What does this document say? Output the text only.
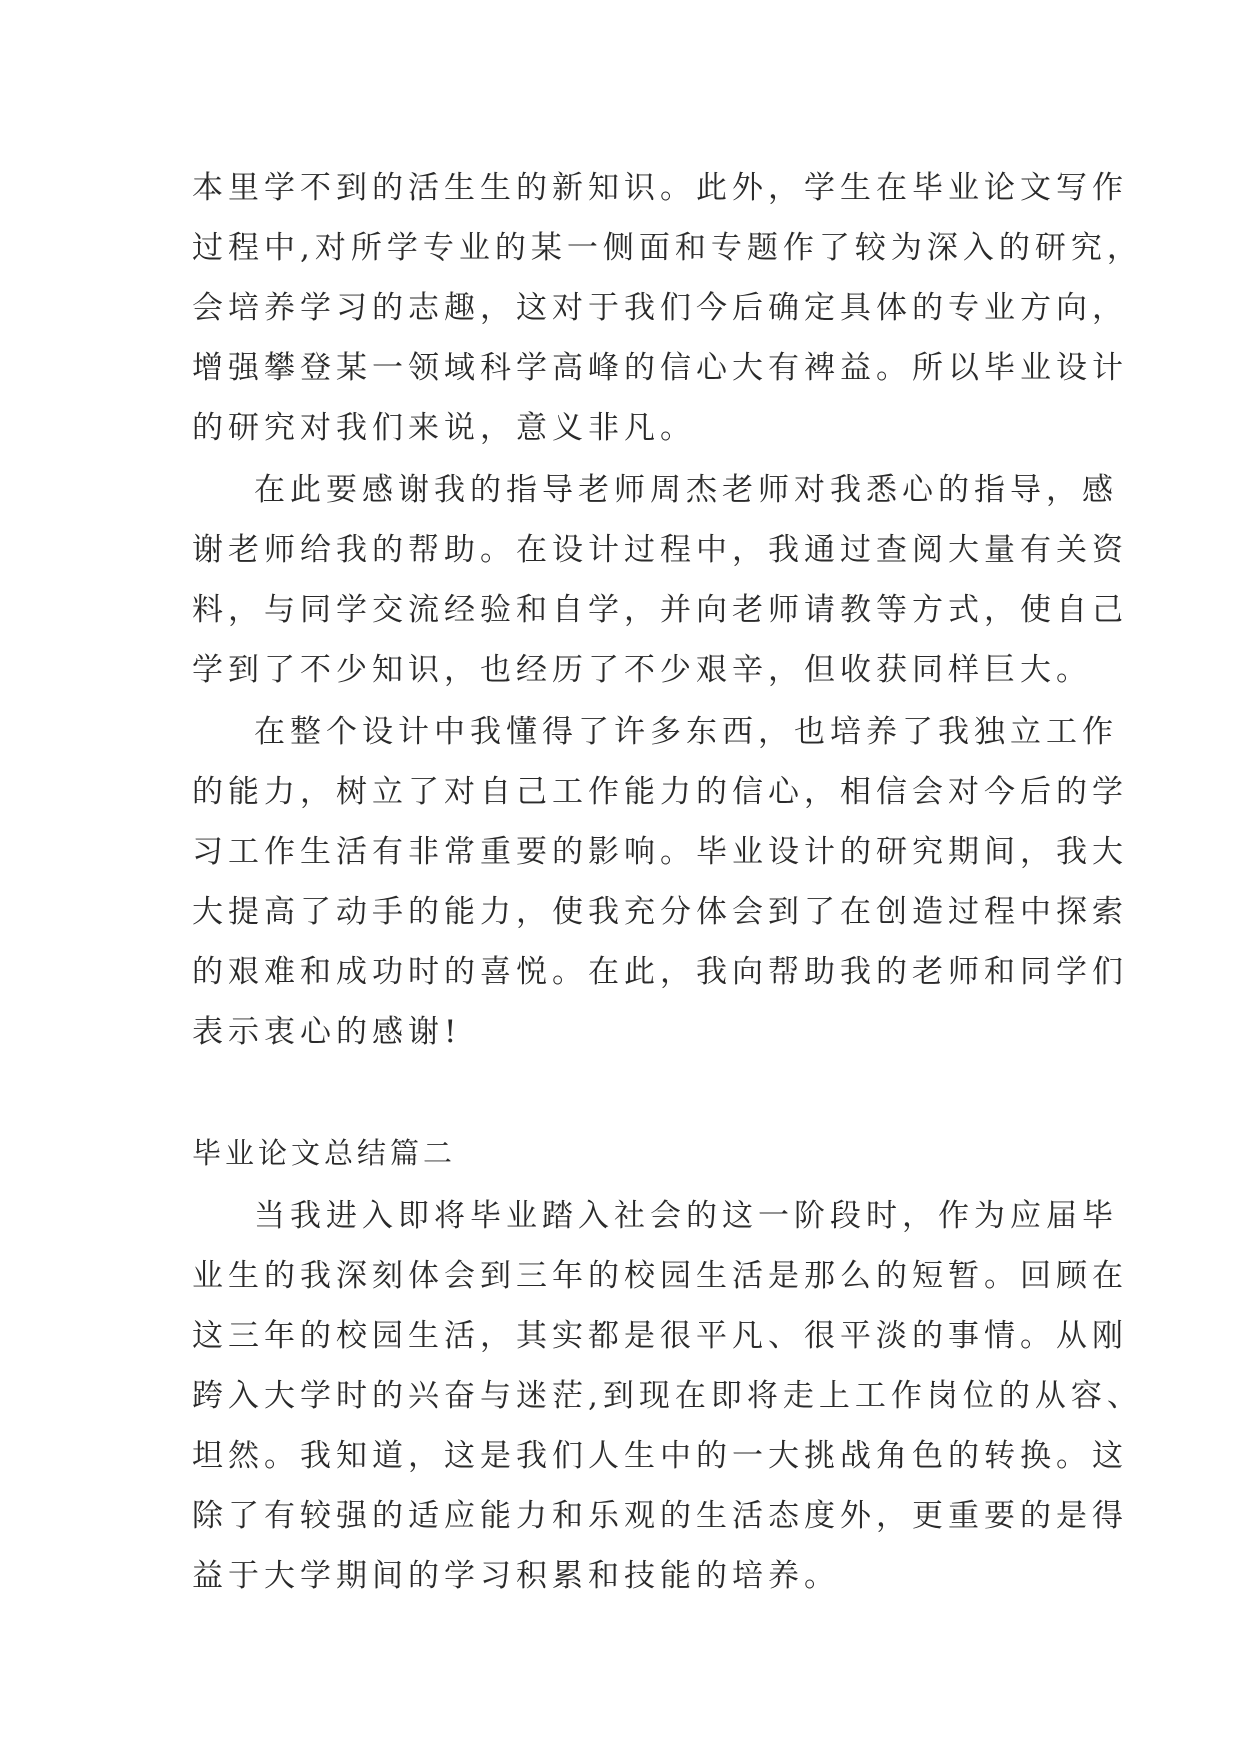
本里学不到的活生生的新知识。此外，学生在毕业论文写作
过程中,对所学专业的某一侧面和专题作了较为深入的研究，
会培养学习的志趣，这对于我们今后确定具体的专业方向，
增强攀登某一领域科学高峰的信心大有裨益。所以毕业设计
的研究对我们来说，意义非凡。
在此要感谢我的指导老师周杰老师对我悉心的指导，感
谢老师给我的帮助。在设计过程中，我通过查阅大量有关资
料，与同学交流经验和自学，并向老师请教等方式，使自己
学到了不少知识，也经历了不少艰辛，但收获同样巨大。
在整个设计中我懂得了许多东西，也培养了我独立工作
的能力，树立了对自己工作能力的信心，相信会对今后的学
习工作生活有非常重要的影响。毕业设计的研究期间，我大
大提高了动手的能力，使我充分体会到了在创造过程中探索
的艰难和成功时的喜悦。在此，我向帮助我的老师和同学们
表示衷心的感谢!
毕业论文总结篇二
当我进入即将毕业踏入社会的这一阶段时，作为应届毕
业生的我深刻体会到三年的校园生活是那么的短暂。回顾在
这三年的校园生活，其实都是很平凡、很平淡的事情。从刚
跨入大学时的兴奋与迷茫,到现在即将走上工作岗位的从容、
坦然。我知道，这是我们人生中的一大挑战角色的转换。这
除了有较强的适应能力和乐观的生活态度外，更重要的是得
益于大学期间的学习积累和技能的培养。
